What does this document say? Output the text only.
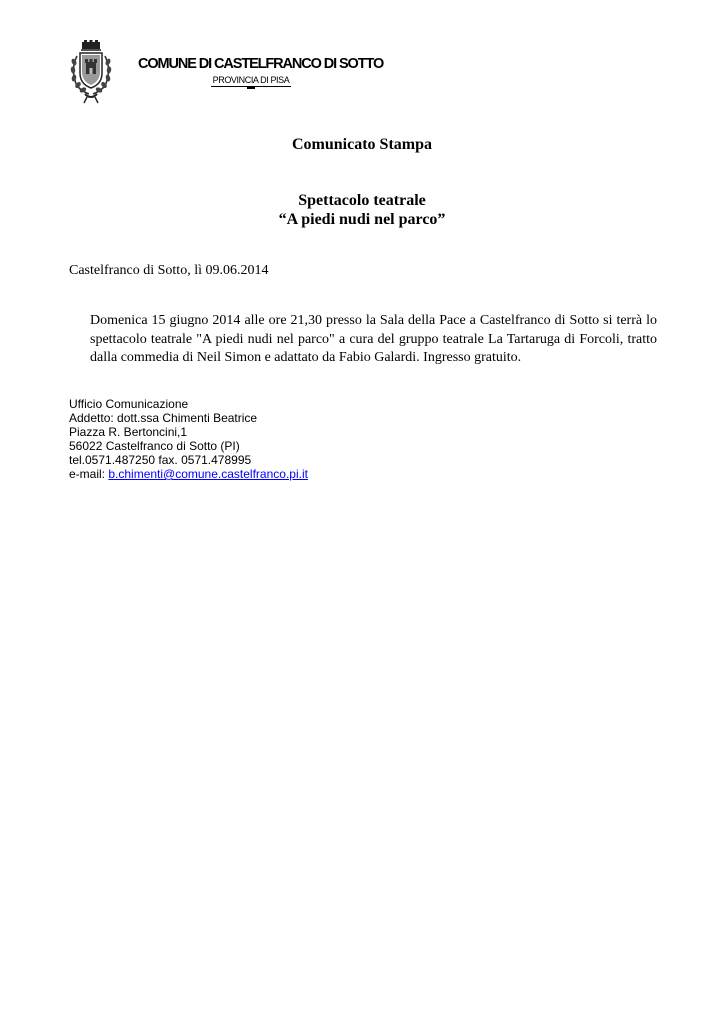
COMUNE DI CASTELFRANCO DI SOTTO
PROVINCIA DI PISA
Comunicato Stampa
Spettacolo teatrale
“A piedi nudi nel parco”
Castelfranco di Sotto, lì 09.06.2014
Domenica 15 giugno 2014 alle ore 21,30 presso la Sala della Pace a Castelfranco di Sotto si terrà lo spettacolo teatrale "A piedi nudi nel parco" a cura del gruppo teatrale La Tartaruga di Forcoli, tratto dalla commedia di Neil Simon e adattato da Fabio Galardi. Ingresso gratuito.
Ufficio Comunicazione
Addetto: dott.ssa Chimenti Beatrice
Piazza R. Bertoncini,1
56022 Castelfranco di Sotto (PI)
tel.0571.487250 fax. 0571.478995
e-mail: b.chimenti@comune.castelfranco.pi.it
